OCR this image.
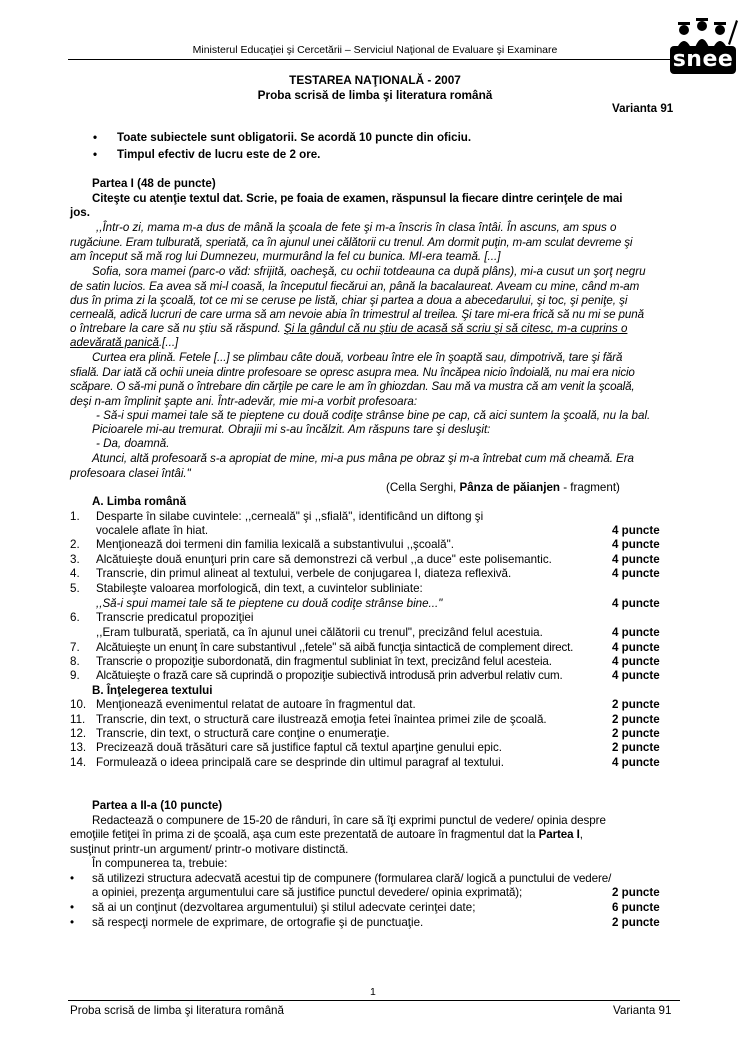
Ministerul Educaţiei şi Cercetării – Serviciul Naţional de Evaluare şi Examinare	snee
TESTAREA NAŢIONALĂ - 2007
Proba scrisă de limba şi literatura română
Varianta 91
• Toate subiectele sunt obligatorii. Se acordă 10 puncte din oficiu.
• Timpul efectiv de lucru este de 2 ore.
Partea I (48 de puncte)
Citeşte cu atenţie textul dat. Scrie, pe foaia de examen, răspunsul la fiecare dintre cerinţele de mai
jos.
,,Într-o zi, mama m-a dus de mână la şcoala de fete şi m-a înscris în clasa întâi. În ascuns, am spus o
rugăciune. Eram tulburată, speriată, ca în ajunul unei călătorii cu trenul. Am dormit puţin, m-am sculat devreme şi
am început să mă rog lui Dumnezeu, murmurând la fel cu bunica. MI-era teamă. [...]
Sofia, sora mamei (parc-o văd: sfrijită, oacheşă, cu ochii totdeauna ca după plâns), mi-a cusut un şorţ negru
de satin lucios. Ea avea să mi-l coasă, la începutul fiecărui an, până la bacalaureat. Aveam cu mine, când m-am
dus în prima zi la şcoală, tot ce mi se ceruse pe listă, chiar şi partea a doua a abecedarului, şi toc, şi peniţe, şi
cerneală, adică lucruri de care urma să am nevoie abia în trimestrul al treilea. Şi tare mi-era frică să nu mi se pună
o întrebare la care să nu ştiu să răspund. Şi la gândul că nu ştiu de acasă să scriu şi să citesc, m-a cuprins o
adevărată panică.[...]
Curtea era plină. Fetele [...] se plimbau câte două, vorbeau între ele în şoaptă sau, dimpotrivă, tare şi fără
sfială. Dar iată că ochii uneia dintre profesoare se opresc asupra mea. Nu încăpea nicio îndoială, nu mai era nicio
scăpare. O să-mi pună o întrebare din cărţile pe care le am în ghiozdan. Sau mă va mustra că am venit la şcoală,
deşi n-am împlinit şapte ani. Într-adevăr, mie mi-a vorbit profesoara:
- Să-i spui mamei tale să te pieptene cu două codiţe strânse bine pe cap, că aici suntem la şcoală, nu la bal.
Picioarele mi-au tremurat. Obrajii mi s-au încălzit. Am răspuns tare şi desluşit:
- Da, doamnă.
Atunci, altă profesoară s-a apropiat de mine, mi-a pus mâna pe obraz şi m-a întrebat cum mă cheamă. Era
profesoara clasei întâi."
(Cella Serghi, Pânza de păianjen - fragment)
A. Limba română
1. Desparte în silabe cuvintele: ,,cerneală" şi ,,sfială", identificând un diftong şi
vocalele aflate în hiat.	4 puncte
2. Menţionează doi termeni din familia lexicală a substantivului ,,şcoală".	4 puncte
3. Alcătuieşte două enunţuri prin care să demonstrezi că verbul ,,a duce" este polisemantic.	4 puncte
4. Transcrie, din primul alineat al textului, verbele de conjugarea I, diateza reflexivă.	4 puncte
5. Stabileşte valoarea morfologică, din text, a cuvintelor subliniate:
,,Să-i spui mamei tale să te pieptene cu două codiţe strânse bine..."	4 puncte
6. Transcrie predicatul propoziţiei
,,Eram tulburată, speriată, ca în ajunul unei călătorii cu trenul", precizând felul acestuia.	4 puncte
7. Alcătuieşte un enunţ în care substantivul ,,fetele" să aibă funcţia sintactică de complement direct.	4 puncte
8. Transcrie o propoziţie subordonată, din fragmentul subliniat în text, precizând felul acesteia.	4 puncte
9. Alcătuieşte o frază care să cuprindă o propoziţie subiectivă introdusă prin adverbul relativ cum.	4 puncte
B. Înţelegerea textului
10. Menţionează evenimentul relatat de autoare în fragmentul dat.	2 puncte
11. Transcrie, din text, o structură care ilustrează emoţia fetei înaintea primei zile de şcoală.	2 puncte
12. Transcrie, din text, o structură care conţine o enumeraţie.	2 puncte
13. Precizează două trăsături care să justifice faptul că textul aparţine genului epic.	2 puncte
14. Formulează o ideea principală care se desprinde din ultimul paragraf al textului.	4 puncte
Partea a II-a (10 puncte)
Redactează o compunere de 15-20 de rânduri, în care să îţi exprimi punctul de vedere/ opinia despre
emoţiile fetiţei în prima zi de şcoală, aşa cum este prezentată de autoare în fragmentul dat la Partea I,
susţinut printr-un argument/ printr-o motivare distinctă.
În compunerea ta, trebuie:
• să utilizezi structura adecvată acestui tip de compunere (formularea clară/ logică a punctului de vedere/
a opiniei, prezenţa argumentului care să justifice punctul devedere/ opinia exprimată);	2 puncte
• să ai un conţinut (dezvoltarea argumentului) şi stilul adecvate cerinţei date;	6 puncte
• să respecţi normele de exprimare, de ortografie şi de punctuaţie.	2 puncte
1
Proba scrisă de limba şi literatura română	Varianta 91
